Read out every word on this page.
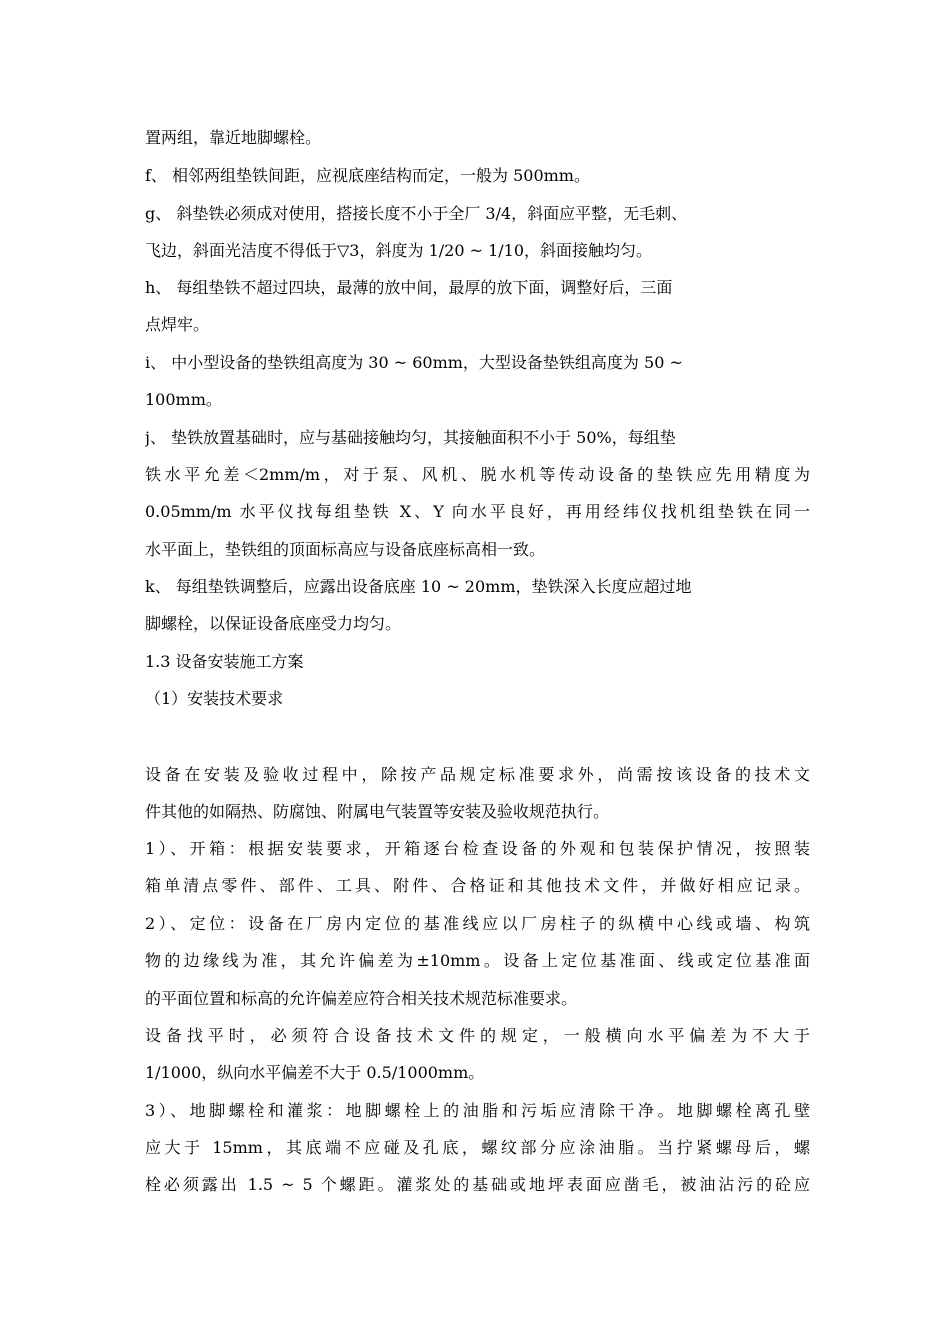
置两组，靠近地脚螺栓。
f、 相邻两组垫铁间距，应视底座结构而定，一般为 500mm。
g、 斜垫铁必须成对使用，搭接长度不小于全厂 3/4，斜面应平整，无毛刺、
飞边，斜面光洁度不得低于▽3，斜度为 1/20 ~ 1/10，斜面接触均匀。
h、 每组垫铁不超过四块，最薄的放中间，最厚的放下面，调整好后，三面
点焊牢。
i、 中小型设备的垫铁组高度为 30 ~ 60mm，大型设备垫铁组高度为 50 ~
100mm。
j、 垫铁放置基础时，应与基础接触均匀，其接触面积不小于 50%，每组垫
铁水平允差＜2mm/m，对于泵、风机、脱水机等传动设备的垫铁应先用精度为
0.05mm/m 水平仪找每组垫铁 X、Y 向水平良好，再用经纬仪找机组垫铁在同一
水平面上，垫铁组的顶面标高应与设备底座标高相一致。
k、 每组垫铁调整后，应露出设备底座 10 ~ 20mm，垫铁深入长度应超过地
脚螺栓，以保证设备底座受力均匀。
1.3 设备安装施工方案
（1）安装技术要求
设备在安装及验收过程中，除按产品规定标准要求外，尚需按该设备的技术文
件其他的如隔热、防腐蚀、附属电气装置等安装及验收规范执行。
1）、开箱：根据安装要求，开箱逐台检查设备的外观和包装保护情况，按照装
箱单清点零件、部件、工具、附件、合格证和其他技术文件，并做好相应记录。
2）、定位：设备在厂房内定位的基准线应以厂房柱子的纵横中心线或墙、构筑
物的边缘线为准，其允许偏差为±10mm。设备上定位基准面、线或定位基准面
的平面位置和标高的允许偏差应符合相关技术规范标准要求。
设备找平时，必须符合设备技术文件的规定，一般横向水平偏差为不大于
1/1000，纵向水平偏差不大于 0.5/1000mm。
3）、地脚螺栓和灌浆：地脚螺栓上的油脂和污垢应清除干净。地脚螺栓离孔壁
应大于 15mm，其底端不应碰及孔底，螺纹部分应涂油脂。当拧紧螺母后，螺
栓必须露出 1.5 ~ 5 个螺距。灌浆处的基础或地坪表面应凿毛，被油沾污的砼应
